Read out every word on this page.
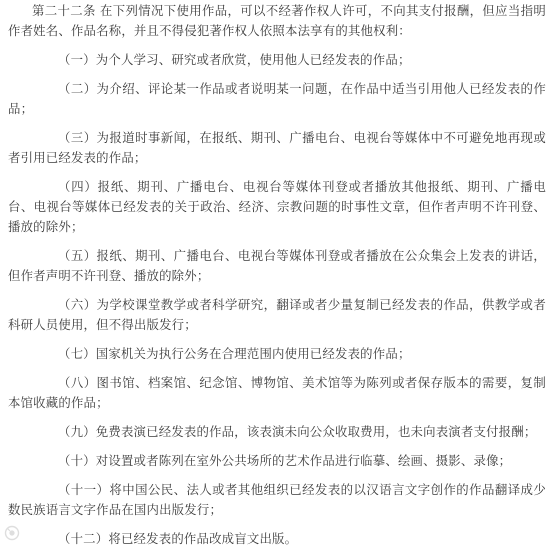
第二十二条 在下列情况下使用作品，可以不经著作权人许可，不向其支付报酬，但应当指明作者姓名、作品名称，并且不得侵犯著作权人依照本法享有的其他权利：

（一）为个人学习、研究或者欣赏，使用他人已经发表的作品；

（二）为介绍、评论某一作品或者说明某一问题，在作品中适当引用他人已经发表的作品；

（三）为报道时事新闻，在报纸、期刊、广播电台、电视台等媒体中不可避免地再现或者引用已经发表的作品；

（四）报纸、期刊、广播电台、电视台等媒体刊登或者播放其他报纸、期刊、广播电台、电视台等媒体已经发表的关于政治、经济、宗教问题的时事性文章，但作者声明不许刊登、播放的除外；

（五）报纸、期刊、广播电台、电视台等媒体刊登或者播放在公众集会上发表的讲话，但作者声明不许刊登、播放的除外；

（六）为学校课堂教学或者科学研究，翻译或者少量复制已经发表的作品，供教学或者科研人员使用，但不得出版发行；

（七）国家机关为执行公务在合理范围内使用已经发表的作品；

（八）图书馆、档案馆、纪念馆、博物馆、美术馆等为陈列或者保存版本的需要，复制本馆收藏的作品；

（九）免费表演已经发表的作品，该表演未向公众收取费用，也未向表演者支付报酬；

（十）对设置或者陈列在室外公共场所的艺术作品进行临摹、绘画、摄影、录像；

（十一）将中国公民、法人或者其他组织已经发表的以汉语言文字创作的作品翻译成少数民族语言文字作品在国内出版发行；

（十二）将已经发表的作品改成盲文出版。
